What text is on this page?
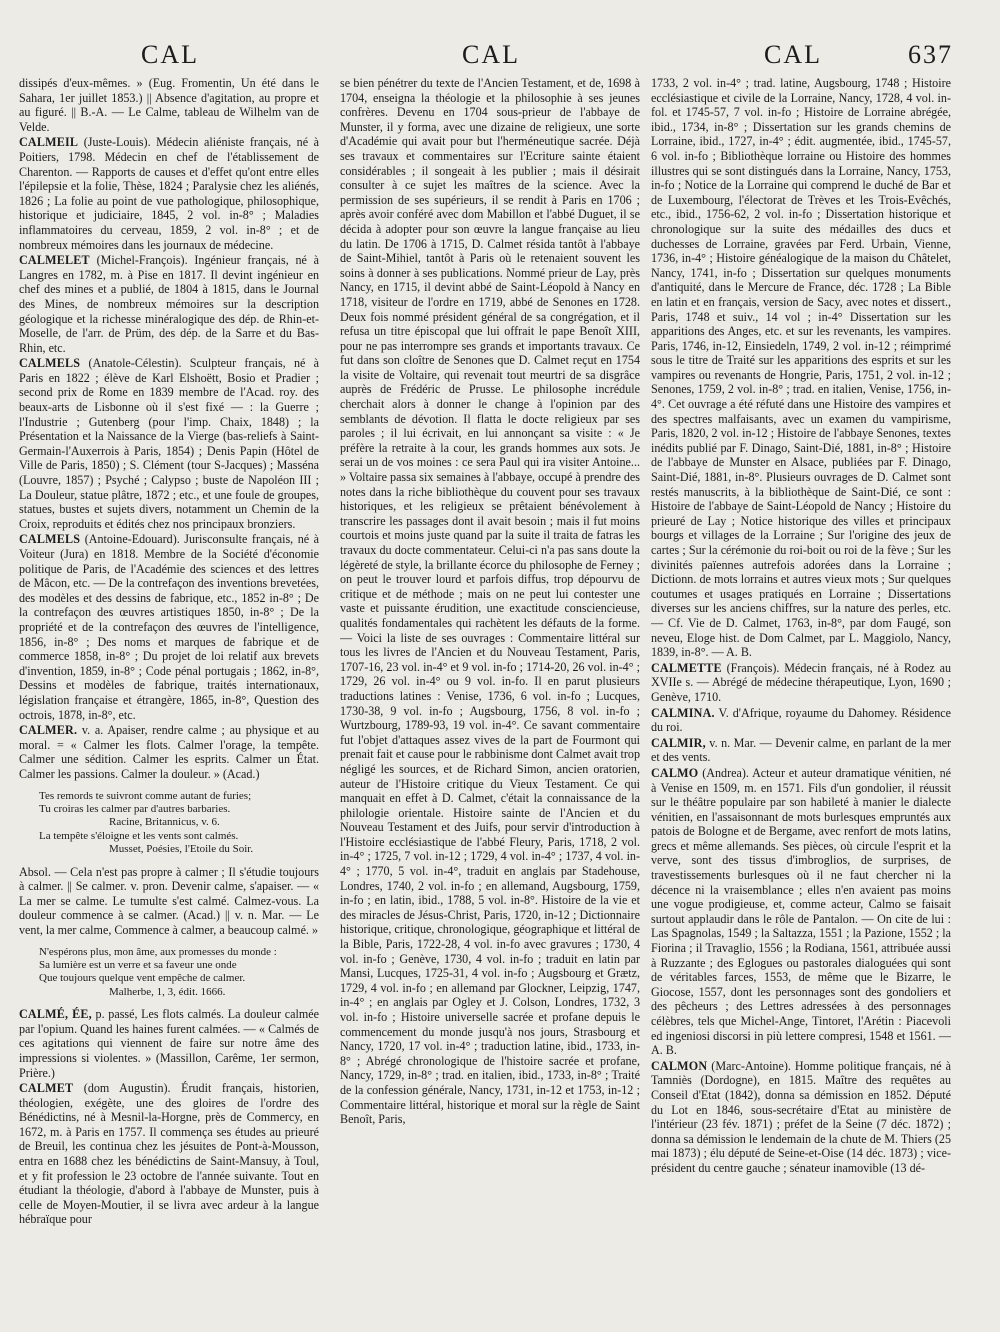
CAL	CAL	CAL	637

dissipés d'eux-mêmes. » (Eug. Fromentin, Un été dans le Sahara, 1er juillet 1853.) || Absence d'agitation, au propre et au figuré. || B.-A. — Le Calme, tableau de Wilhelm van de Velde.

CALMEIL (Juste-Louis). Médecin aliéniste français, né à Poitiers, 1798. Médecin en chef de l'établissement de Charenton. — Rapports de causes et d'effet qu'ont entre elles l'épilepsie et la folie, Thèse, 1824 ; Paralysie chez les aliénés, 1826 ; La folie au point de vue pathologique, philosophique, historique et judiciaire, 1845, 2 vol. in-8° ; Maladies inflammatoires du cerveau, 1859, 2 vol. in-8° ; et de nombreux mémoires dans les journaux de médecine.

CALMELET (Michel-François). Ingénieur français, né à Langres en 1782, m. à Pise en 1817. Il devint ingénieur en chef des mines et a publié, de 1804 à 1815, dans le Journal des Mines, de nombreux mémoires sur la description géologique et la richesse minéralogique des dép. de Rhin-et-Moselle, de l'arr. de Prüm, des dép. de la Sarre et du Bas-Rhin, etc.

CALMELS (Anatole-Célestin). Sculpteur français, né à Paris en 1822 ; élève de Karl Elshoëtt, Bosio et Pradier ; second prix de Rome en 1839 membre de l'Acad. roy. des beaux-arts de Lisbonne où il s'est fixé — : la Guerre ; l'Industrie ; Gutenberg (pour l'imp. Chaix, 1848) ; la Présentation et la Naissance de la Vierge (bas-reliefs à Saint-Germain-l'Auxerrois à Paris, 1854) ; Denis Papin (Hôtel de Ville de Paris, 1850) ; S. Clément (tour S-Jacques) ; Masséna (Louvre, 1857) ; Psyché ; Calypso ; buste de Napoléon III ; La Douleur, statue plâtre, 1872 ; etc., et une foule de groupes, statues, bustes et sujets divers, notamment un Chemin de la Croix, reproduits et édités chez nos principaux bronziers.

CALMELS (Antoine-Edouard). Jurisconsulte français, né à Voiteur (Jura) en 1818. Membre de la Société d'économie politique de Paris, de l'Académie des sciences et des lettres de Mâcon, etc. — De la contrefaçon des inventions brevetées, des modèles et des dessins de fabrique, etc., 1852 in-8° ; De la contrefaçon des œuvres artistiques 1850, in-8° ; De la propriété et de la contrefaçon des œuvres de l'intelligence, 1856, in-8° ; Des noms et marques de fabrique et de commerce 1858, in-8° ; Du projet de loi relatif aux brevets d'invention, 1859, in-8° ; Code pénal portugais ; 1862, in-8°, Dessins et modèles de fabrique, traités internationaux, législation française et étrangère, 1865, in-8°, Question des octrois, 1878, in-8°, etc.

CALMER. v. a. Apaiser, rendre calme ; au physique et au moral. = « Calmer les flots. Calmer l'orage, la tempête. Calmer une sédition. Calmer les esprits. Calmer un État. Calmer les passions. Calmer la douleur. » (Acad.)

Tes remords te suivront comme autant de furies;
Tu croiras les calmer par d'autres barbaries.
Racine, Britannicus, v. 6.
La tempête s'éloigne et les vents sont calmés.
Musset, Poésies, l'Etoile du Soir.

Absol. — Cela n'est pas propre à calmer ; Il s'étudie toujours à calmer. || Se calmer. v. pron. Devenir calme, s'apaiser. — « La mer se calme. Le tumulte s'est calmé. Calmez-vous. La douleur commence à se calmer. (Acad.) || v. n. Mar. — Le vent, la mer calme, Commence à calmer, a beaucoup calmé. »

N'espérons plus, mon âme, aux promesses du monde :
Sa lumière est un verre et sa faveur une onde
Que toujours quelque vent empêche de calmer.
Malherbe, 1, 3, édit. 1666.

CALMÉ, ÉE, p. passé, Les flots calmés. La douleur calmée par l'opium. Quand les haines furent calmées. — « Calmés de ces agitations qui viennent de faire sur notre âme des impressions si violentes. » (Massillon, Carême, 1er sermon, Prière.)

CALMET (dom Augustin). Érudit français, historien, théologien, exégète, une des gloires de l'ordre des Bénédictins, né à Mesnil-la-Horgne, près de Commercy, en 1672, m. à Paris en 1757. Il commença ses études au prieuré de Breuil, les continua chez les jésuites de Pont-à-Mousson, entra en 1688 chez les bénédictins de Saint-Mansuy, à Toul, et y fit profession le 23 octobre de l'année suivante. Tout en étudiant la théologie, d'abord à l'abbaye de Munster, puis à celle de Moyen-Moutier, il se livra avec ardeur à la langue hébraïque pour

se bien pénétrer du texte de l'Ancien Testament, et de, 1698 à 1704, enseigna la théologie et la philosophie à ses jeunes confrères. Devenu en 1704 sous-prieur de l'abbaye de Munster, il y forma, avec une dizaine de religieux, une sorte d'Académie qui avait pour but l'herméneutique sacrée. Déjà ses travaux et commentaires sur l'Ecriture sainte étaient considérables ; il songeait à les publier ; mais il désirait consulter à ce sujet les maîtres de la science. Avec la permission de ses supérieurs, il se rendit à Paris en 1706 ; après avoir conféré avec dom Mabillon et l'abbé Duguet, il se décida à adopter pour son œuvre la langue française au lieu du latin. De 1706 à 1715, D. Calmet résida tantôt à l'abbaye de Saint-Mihiel, tantôt à Paris où le retenaient souvent les soins à donner à ses publications. Nommé prieur de Lay, près Nancy, en 1715, il devint abbé de Saint-Léopold à Nancy en 1718, visiteur de l'ordre en 1719, abbé de Senones en 1728. Deux fois nommé président général de sa congrégation, et il refusa un titre épiscopal que lui offrait le pape Benoît XIII, pour ne pas interrompre ses grands et importants travaux. Ce fut dans son cloître de Senones que D. Calmet reçut en 1754 la visite de Voltaire, qui revenait tout meurtri de sa disgrâce auprès de Frédéric de Prusse. Le philosophe incrédule cherchait alors à donner le change à l'opinion par des semblants de dévotion. Il flatta le docte religieux par ses paroles ; il lui écrivait, en lui annonçant sa visite : « Je préfère la retraite à la cour, les grands hommes aux sots. Je serai un de vos moines : ce sera Paul qui ira visiter Antoine... » Voltaire passa six semaines à l'abbaye, occupé à prendre des notes dans la riche bibliothèque du couvent pour ses travaux historiques, et les religieux se prêtaient bénévolement à transcrire les passages dont il avait besoin ; mais il fut moins courtois et moins juste quand par la suite il traita de fatras les travaux du docte commentateur. Celui-ci n'a pas sans doute la légèreté de style, la brillante écorce du philosophe de Ferney ; on peut le trouver lourd et parfois diffus, trop dépourvu de critique et de méthode ; mais on ne peut lui contester une vaste et puissante érudition, une exactitude consciencieuse, qualités fondamentales qui rachètent les défauts de la forme. — Voici la liste de ses ouvrages : Commentaire littéral sur tous les livres de l'Ancien et du Nouveau Testament, Paris, 1707-16, 23 vol. in-4° et 9 vol. in-fo ; 1714-20, 26 vol. in-4° ; 1729, 26 vol. in-4° ou 9 vol. in-fo. Il en parut plusieurs traductions latines : Venise, 1736, 6 vol. in-fo ; Lucques, 1730-38, 9 vol. in-fo ; Augsbourg, 1756, 8 vol. in-fo ; Wurtzbourg, 1789-93, 19 vol. in-4°. Ce savant commentaire fut l'objet d'attaques assez vives de la part de Fourmont qui prenait fait et cause pour le rabbinisme dont Calmet avait trop négligé les sources, et de Richard Simon, ancien oratorien, auteur de l'Histoire critique du Vieux Testament. Ce qui manquait en effet à D. Calmet, c'était la connaissance de la philologie orientale. Histoire sainte de l'Ancien et du Nouveau Testament et des Juifs, pour servir d'introduction à l'Histoire ecclésiastique de l'abbé Fleury, Paris, 1718, 2 vol. in-4° ; 1725, 7 vol. in-12 ; 1729, 4 vol. in-4° ; 1737, 4 vol. in-4° ; 1770, 5 vol. in-4°, traduit en anglais par Stadehouse, Londres, 1740, 2 vol. in-fo ; en allemand, Augsbourg, 1759, in-fo ; en latin, ibid., 1788, 5 vol. in-8°. Histoire de la vie et des miracles de Jésus-Christ, Paris, 1720, in-12 ; Dictionnaire historique, critique, chronologique, géographique et littéral de la Bible, Paris, 1722-28, 4 vol. in-fo avec gravures ; 1730, 4 vol. in-fo ; Genève, 1730, 4 vol. in-fo ; traduit en latin par Mansi, Lucques, 1725-31, 4 vol. in-fo ; Augsbourg et Grætz, 1729, 4 vol. in-fo ; en allemand par Glockner, Leipzig, 1747, in-4° ; en anglais par Ogley et J. Colson, Londres, 1732, 3 vol. in-fo ; Histoire universelle sacrée et profane depuis le commencement du monde jusqu'à nos jours, Strasbourg et Nancy, 1720, 17 vol. in-4° ; traduction latine, ibid., 1733, in-8° ; Abrégé chronologique de l'histoire sacrée et profane, Nancy, 1729, in-8° ; trad. en italien, ibid., 1733, in-8° ; Traité de la confession générale, Nancy, 1731, in-12 et 1753, in-12 ; Commentaire littéral, historique et moral sur la règle de Saint Benoît, Paris,

1733, 2 vol. in-4° ; trad. latine, Augsbourg, 1748 ; Histoire ecclésiastique et civile de la Lorraine, Nancy, 1728, 4 vol. in-fol. et 1745-57, 7 vol. in-fo ; Histoire de Lorraine abrégée, ibid., 1734, in-8° ; Dissertation sur les grands chemins de Lorraine, ibid., 1727, in-4° ; édit. augmentée, ibid., 1745-57, 6 vol. in-fo ; Bibliothèque lorraine ou Histoire des hommes illustres qui se sont distingués dans la Lorraine, Nancy, 1753, in-fo ; Notice de la Lorraine qui comprend le duché de Bar et de Luxembourg, l'électorat de Trèves et les Trois-Evêchés, etc., ibid., 1756-62, 2 vol. in-fo ; Dissertation historique et chronologique sur la suite des médailles des ducs et duchesses de Lorraine, gravées par Ferd. Urbain, Vienne, 1736, in-4° ; Histoire généalogique de la maison du Châtelet, Nancy, 1741, in-fo ; Dissertation sur quelques monuments d'antiquité, dans le Mercure de France, déc. 1728 ; La Bible en latin et en français, version de Sacy, avec notes et dissert., Paris, 1748 et suiv., 14 vol ; in-4° Dissertation sur les apparitions des Anges, etc. et sur les revenants, les vampires. Paris, 1746, in-12, Einsiedeln, 1749, 2 vol. in-12 ; réimprimé sous le titre de Traité sur les apparitions des esprits et sur les vampires ou revenants de Hongrie, Paris, 1751, 2 vol. in-12 ; Senones, 1759, 2 vol. in-8° ; trad. en italien, Venise, 1756, in-4°. Cet ouvrage a été réfuté dans une Histoire des vampires et des spectres malfaisants, avec un examen du vampirisme, Paris, 1820, 2 vol. in-12 ; Histoire de l'abbaye Senones, textes inédits publié par F. Dinago, Saint-Dié, 1881, in-8° ; Histoire de l'abbaye de Munster en Alsace, publiées par F. Dinago, Saint-Dié, 1881, in-8°. Plusieurs ouvrages de D. Calmet sont restés manuscrits, à la bibliothèque de Saint-Dié, ce sont : Histoire de l'abbaye de Saint-Léopold de Nancy ; Histoire du prieuré de Lay ; Notice historique des villes et principaux bourgs et villages de la Lorraine ; Sur l'origine des jeux de cartes ; Sur la cérémonie du roi-boit ou roi de la fève ; Sur les divinités païennes autrefois adorées dans la Lorraine ; Dictionn. de mots lorrains et autres vieux mots ; Sur quelques coutumes et usages pratiqués en Lorraine ; Dissertations diverses sur les anciens chiffres, sur la nature des perles, etc. — Cf. Vie de D. Calmet, 1763, in-8°, par dom Faugé, son neveu, Eloge hist. de Dom Calmet, par L. Maggiolo, Nancy, 1839, in-8°. — A. B.

CALMETTE (François). Médecin français, né à Rodez au XVIIe s. — Abrégé de médecine thérapeutique, Lyon, 1690 ; Genève, 1710.

CALMINA. V. d'Afrique, royaume du Dahomey. Résidence du roi.

CALMIR, v. n. Mar. — Devenir calme, en parlant de la mer et des vents.

CALMO (Andrea). Acteur et auteur dramatique vénitien, né à Venise en 1509, m. en 1571. Fils d'un gondolier, il réussit sur le théâtre populaire par son habileté à manier le dialecte vénitien, en l'assaisonnant de mots burlesques empruntés aux patois de Bologne et de Bergame, avec renfort de mots latins, grecs et même allemands. Ses pièces, où circule l'esprit et la verve, sont des tissus d'imbroglios, de surprises, de travestissements burlesques où il ne faut chercher ni la décence ni la vraisemblance ; elles n'en avaient pas moins une vogue prodigieuse, et, comme acteur, Calmo se faisait surtout applaudir dans le rôle de Pantalon. — On cite de lui : Las Spagnolas, 1549 ; la Saltazza, 1551 ; la Pazione, 1552 ; la Fiorina ; il Travaglio, 1556 ; la Rodiana, 1561, attribuée aussi à Ruzzante ; des Eglogues ou pastorales dialoguées qui sont de véritables farces, 1553, de même que le Bizarre, le Giocose, 1557, dont les personnages sont des gondoliers et des pêcheurs ; des Lettres adressées à des personnages célèbres, tels que Michel-Ange, Tintoret, l'Arétin : Piacevoli ed ingeniosi discorsi in più lettere compresi, 1548 et 1561. — A. B.

CALMON (Marc-Antoine). Homme politique français, né à Tamniès (Dordogne), en 1815. Maître des requêtes au Conseil d'Etat (1842), donna sa démission en 1852. Député du Lot en 1846, sous-secrétaire d'Etat au ministère de l'intérieur (23 fév. 1871) ; préfet de la Seine (7 déc. 1872) ; donna sa démission le lendemain de la chute de M. Thiers (25 mai 1873) ; élu député de Seine-et-Oise (14 déc. 1873) ; vice-président du centre gauche ; sénateur inamovible (13 dé-
